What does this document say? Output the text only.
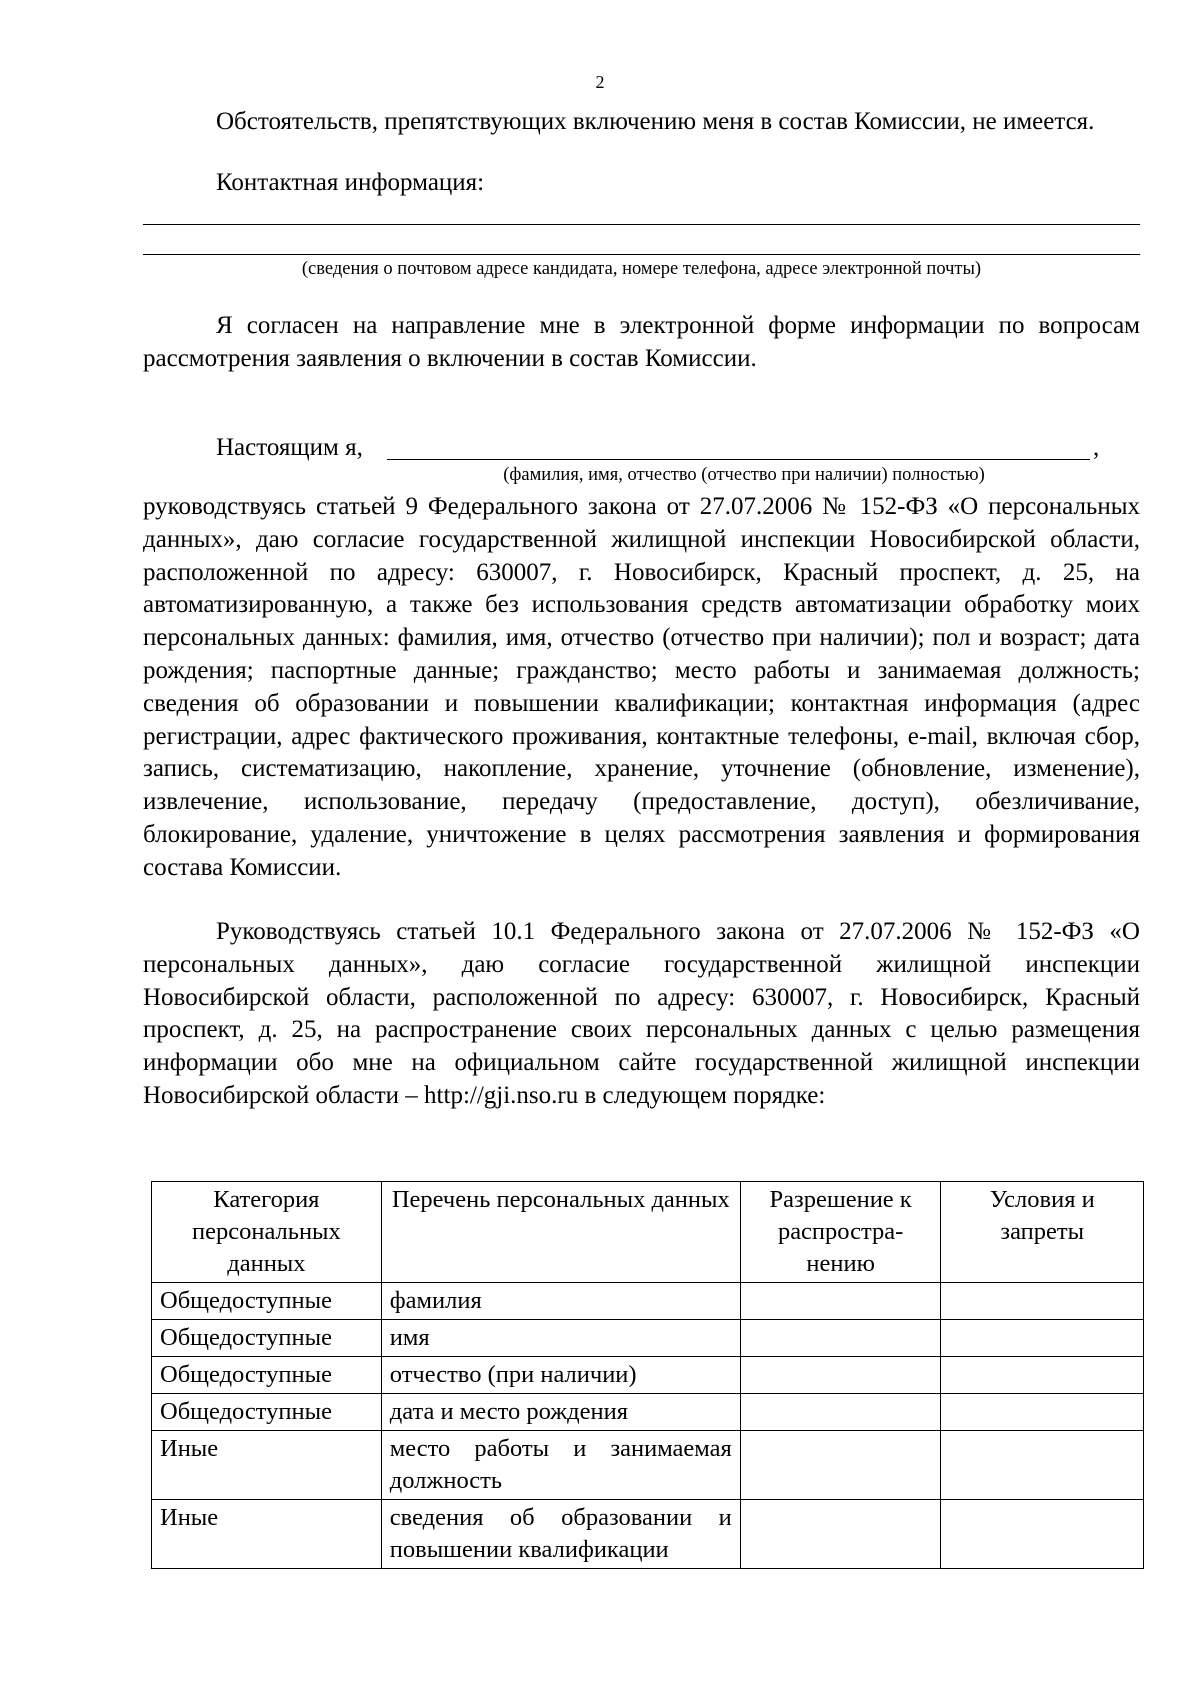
2
Обстоятельств, препятствующих включению меня в состав Комиссии, не имеется.
Контактная информация:
(сведения о почтовом адресе кандидата, номере телефона, адресе электронной почты)
Я согласен на направление мне в электронной форме информации по вопросам рассмотрения заявления о включении в состав Комиссии.
Настоящим я,	,
(фамилия, имя, отчество (отчество при наличии) полностью)
руководствуясь статьей 9 Федерального закона от 27.07.2006 № 152-ФЗ «О персональных данных», даю согласие государственной жилищной инспекции Новосибирской области, расположенной по адресу: 630007, г. Новосибирск, Красный проспект, д. 25, на автоматизированную, а также без использования средств автоматизации обработку моих персональных данных: фамилия, имя, отчество (отчество при наличии); пол и возраст; дата рождения; паспортные данные; гражданство; место работы и занимаемая должность; сведения об образовании и повышении квалификации; контактная информация (адрес регистрации, адрес фактического проживания, контактные телефоны, e-mail, включая сбор, запись, систематизацию, накопление, хранение, уточнение (обновление, изменение), извлечение, использование, передачу (предоставление, доступ), обезличивание, блокирование, удаление, уничтожение в целях рассмотрения заявления и формирования состава Комиссии.
Руководствуясь статьей 10.1 Федерального закона от 27.07.2006 № 152-ФЗ «О персональных данных», даю согласие государственной жилищной инспекции Новосибирской области, расположенной по адресу: 630007, г. Новосибирск, Красный проспект, д. 25, на распространение своих персональных данных с целью размещения информации обо мне на официальном сайте государственной жилищной инспекции Новосибирской области – http://gji.nso.ru в следующем порядке:
Категория персональных данных	Перечень персональных данных	Разрешение к распростра-нению	Условия и запреты
Общедоступные	фамилия		
Общедоступные	имя		
Общедоступные	отчество (при наличии)		
Общедоступные	дата и место рождения		
Иные	место работы и занимаемая должность		
Иные	сведения об образовании и повышении квалификации		
